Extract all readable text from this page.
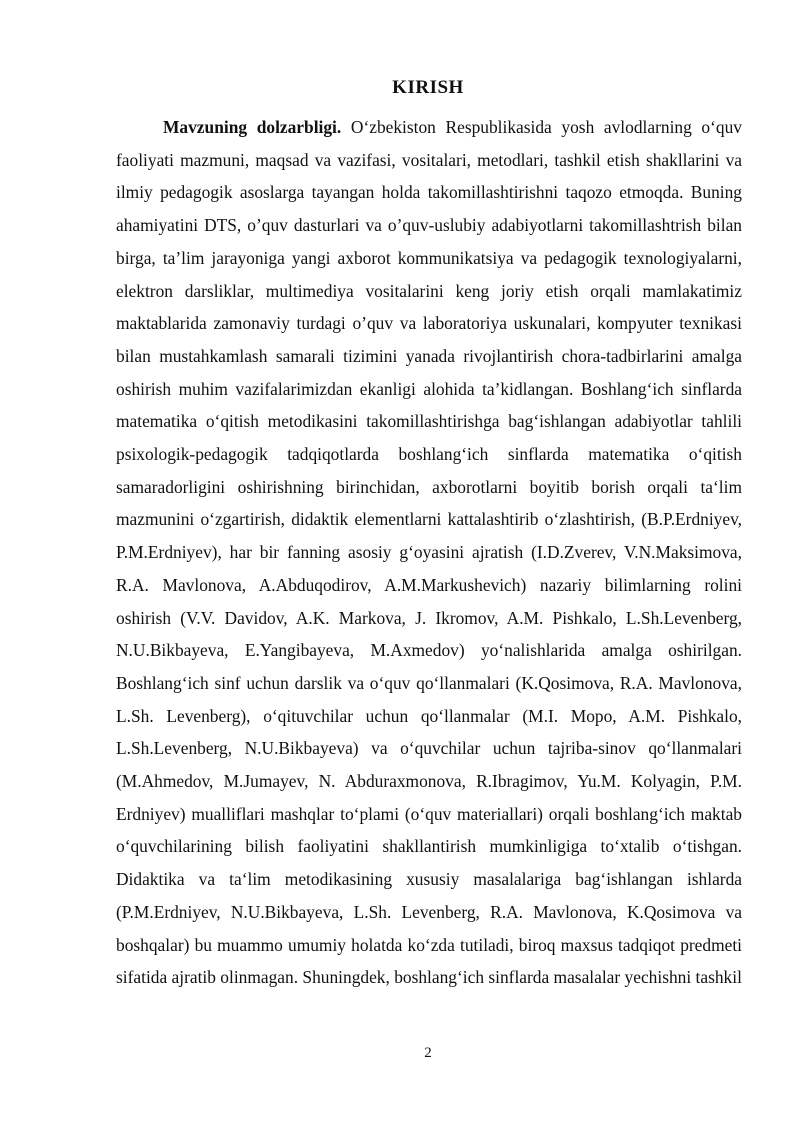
KIRISH

Mavzuning dolzarbligi. O‘zbekiston Respublikasida yosh avlodlarning o‘quv faoliyati mazmuni, maqsad va vazifasi, vositalari, metodlari, tashkil etish shakllarini va ilmiy pedagogik asoslarga tayangan holda takomillashtirishni taqozo etmoqda. Buning ahamiyatini DTS, o’quv dasturlari va o’quv-uslubiy adabiyotlarni takomillashtrish bilan birga, ta’lim jarayoniga yangi axborot kommunikatsiya va pedagogik texnologiyalarni, elektron darsliklar, multimediya vositalarini keng joriy etish orqali mamlakatimiz maktablarida zamonaviy turdagi o’quv va laboratoriya uskunalari, kompyuter texnikasi bilan mustahkamlash samarali tizimini yanada rivojlantirish chora-tadbirlarini amalga oshirish muhim vazifalarimizdan ekanligi alohida ta’kidlangan. Boshlang‘ich sinflarda matematika o‘qitish metodikasini takomillashtirishga bag‘ishlangan adabiyotlar tahlili psixologik-pedagogik tadqiqotlarda boshlang‘ich sinflarda matematika o‘qitish samaradorligini oshirishning birinchidan, axborotlarni boyitib borish orqali ta‘lim mazmunini o‘zgartirish, didaktik elementlarni kattalashtirib o‘zlashtirish, (B.P.Erdniyev, P.M.Erdniyev), har bir fanning asosiy g‘oyasini ajratish (I.D.Zverev, V.N.Maksimova, R.A. Mavlonova, A.Abduqodirov, A.M.Markushevich) nazariy bilimlarning rolini oshirish (V.V. Davidov, A.K. Markova, J. Ikromov, A.M. Pishkalo, L.Sh.Levenberg, N.U.Bikbayeva, E.Yangibayeva, M.Axmedov) yo‘nalishlarida amalga oshirilgan. Boshlang‘ich sinf uchun darslik va o‘quv qo‘llanmalari (K.Qosimova, R.A. Mavlonova, L.Sh. Levenberg), o‘qituvchilar uchun qo‘llanmalar (M.I. Mopo, A.M. Pishkalo, L.Sh.Levenberg, N.U.Bikbayeva) va o‘quvchilar uchun tajriba-sinov qo‘llanmalari (M.Ahmedov, M.Jumayev, N. Abduraxmonova, R.Ibragimov, Yu.M. Kolyagin, P.M. Erdniyev) mualliflari mashqlar to‘plami (o‘quv materiallari) orqali boshlang‘ich maktab o‘quvchilarining bilish faoliyatini shakllantirish mumkinligiga to‘xtalib o‘tishgan. Didaktika va ta‘lim metodikasining xususiy masalalariga bag‘ishlangan ishlarda (P.M.Erdniyev, N.U.Bikbayeva, L.Sh. Levenberg, R.A. Mavlonova, K.Qosimova va boshqalar) bu muammo umumiy holatda ko‘zda tutiladi, biroq maxsus tadqiqot predmeti sifatida ajratib olinmagan. Shuningdek, boshlang‘ich sinflarda masalalar yechishni tashkil

2
